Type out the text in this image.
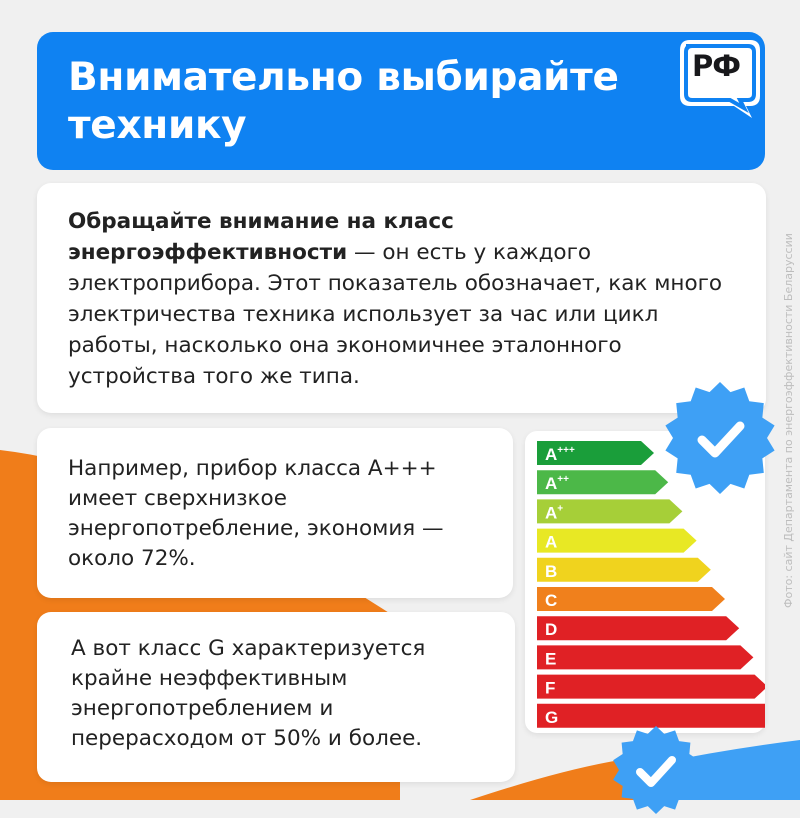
Внимательно выбирайте
технику
РФ

Обращайте внимание на класс энергоэффективности — он есть у каждого электроприбора. Этот показатель обозначает, как много электричества техника использует за час или цикл работы, насколько она экономичнее эталонного устройства того же типа.

Например, прибор класса A+++ имеет сверхнизкое энергопотребление, экономия — около 72%.

А вот класс G характеризуется крайне неэффективным энергопотреблением и перерасходом от 50% и более.

A+++
A++
A+
A
B
C
D
E
F
G
Фото: сайт Департамента по энергоэффективности Беларуссии
